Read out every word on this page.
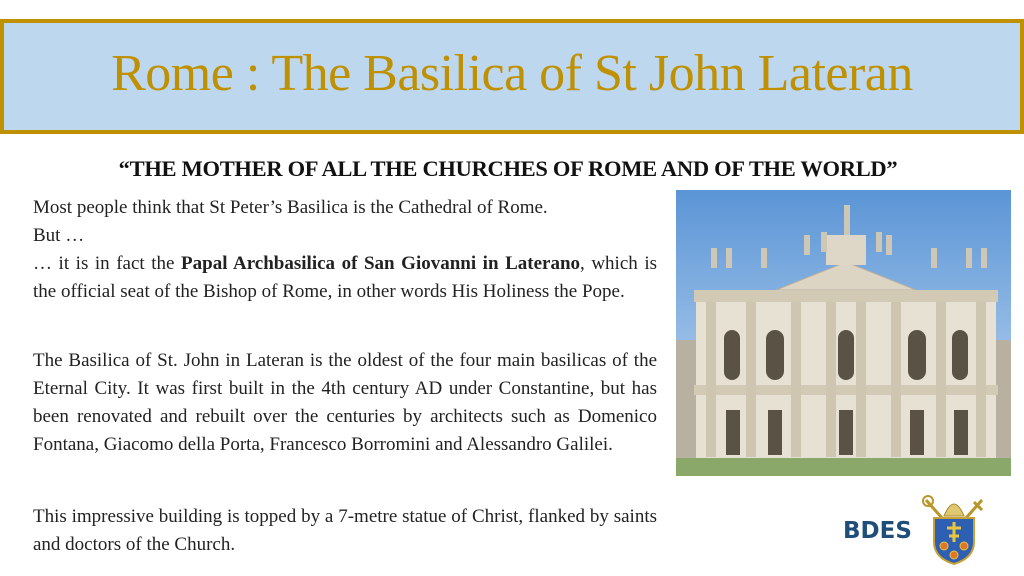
Rome : The Basilica of St John Lateran
“THE MOTHER OF ALL THE CHURCHES OF ROME AND OF THE WORLD”
Most people think that St Peter’s Basilica is the Cathedral of Rome.
But …
… it is in fact the Papal Archbasilica of San Giovanni in Laterano, which is the official seat of the Bishop of Rome, in other words His Holiness the Pope.
The Basilica of St. John in Lateran is the oldest of the four main basilicas of the Eternal City. It was first built in the 4th century AD under Constantine, but has been renovated and rebuilt over the centuries by architects such as Domenico Fontana, Giacomo della Porta, Francesco Borromini and Alessandro Galilei.
This impressive building is topped by a 7-metre statue of Christ, flanked by saints and doctors of the Church.
BDES
